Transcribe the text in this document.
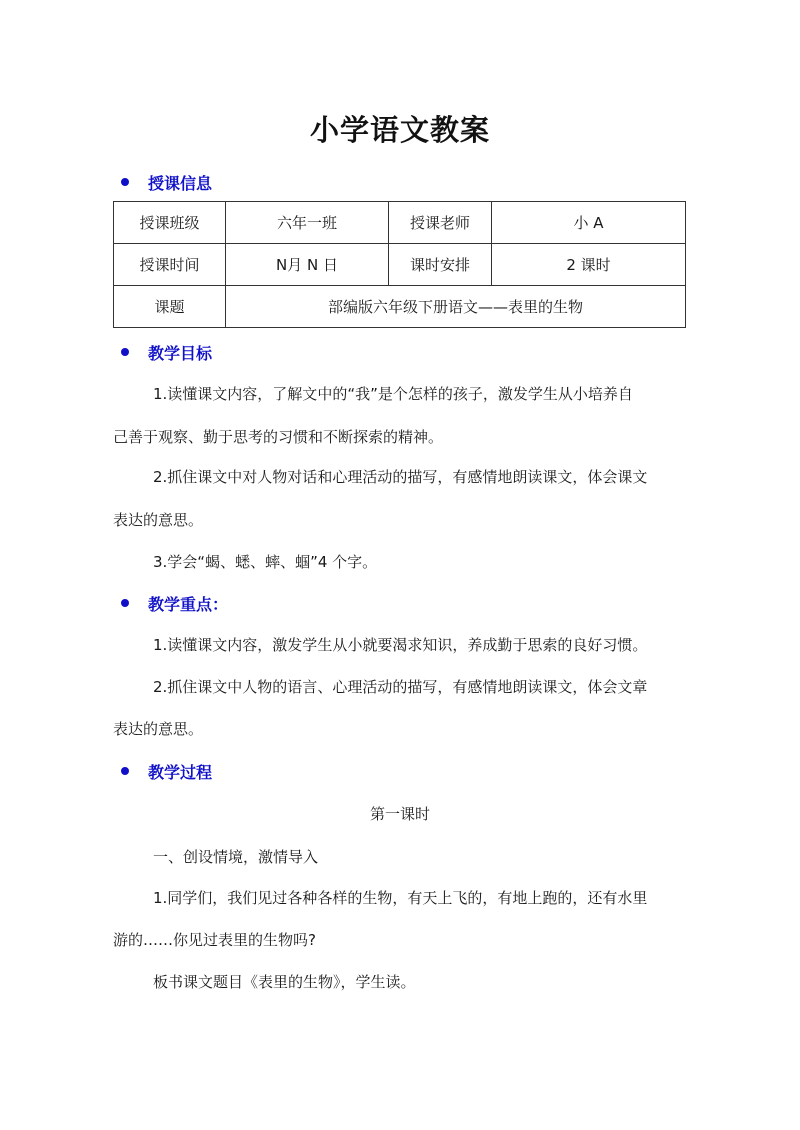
小学语文教案
授课信息
授课班级	六年一班	授课老师	小 A
授课时间	N月 N 日	课时安排	2 课时
课题	部编版六年级下册语文——表里的生物		
教学目标
1.读懂课文内容，了解文中的“我”是个怎样的孩子，激发学生从小培养自
己善于观察、勤于思考的习惯和不断探索的精神。
2.抓住课文中对人物对话和心理活动的描写，有感情地朗读课文，体会课文
表达的意思。
3.学会“蝎、蟋、蟀、蝈”4 个字。
教学重点：
1.读懂课文内容，激发学生从小就要渴求知识，养成勤于思索的良好习惯。
2.抓住课文中人物的语言、心理活动的描写，有感情地朗读课文，体会文章
表达的意思。
教学过程
第一课时
一、创设情境，激情导入
1.同学们，我们见过各种各样的生物，有天上飞的，有地上跑的，还有水里
游的……你见过表里的生物吗?
板书课文题目《表里的生物》，学生读。
